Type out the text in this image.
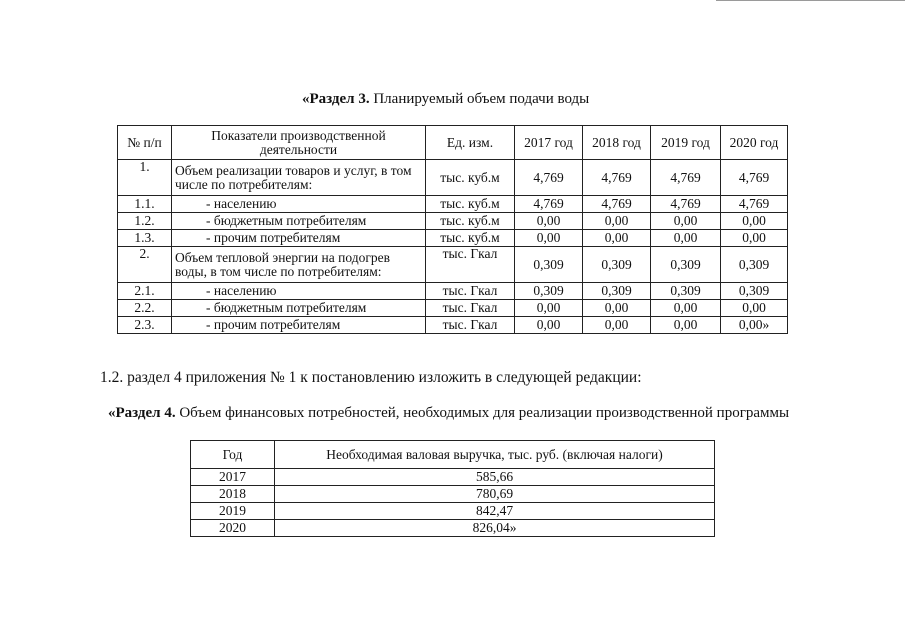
«Раздел 3. Планируемый объем подачи воды
№ п/п	Показатели производственной деятельности	Ед. изм.	2017 год	2018 год	2019 год	2020 год
1.	Объем реализации товаров и услуг, в том числе по потребителям:	тыс. куб.м	4,769	4,769	4,769	4,769
1.1.	- населению	тыс. куб.м	4,769	4,769	4,769	4,769
1.2.	- бюджетным потребителям	тыс. куб.м	0,00	0,00	0,00	0,00
1.3.	- прочим потребителям	тыс. куб.м	0,00	0,00	0,00	0,00
2.	Объем тепловой энергии на подогрев воды, в том числе по потребителям:	тыс. Гкал	0,309	0,309	0,309	0,309
2.1.	- населению	тыс. Гкал	0,309	0,309	0,309	0,309
2.2.	- бюджетным потребителям	тыс. Гкал	0,00	0,00	0,00	0,00
2.3.	- прочим потребителям	тыс. Гкал	0,00	0,00	0,00	0,00»
1.2. раздел 4 приложения № 1 к постановлению изложить в следующей редакции:
«Раздел 4. Объем финансовых потребностей, необходимых для реализации производственной программы
Год	Необходимая валовая выручка, тыс. руб. (включая налоги)
2017	585,66
2018	780,69
2019	842,47
2020	826,04»
